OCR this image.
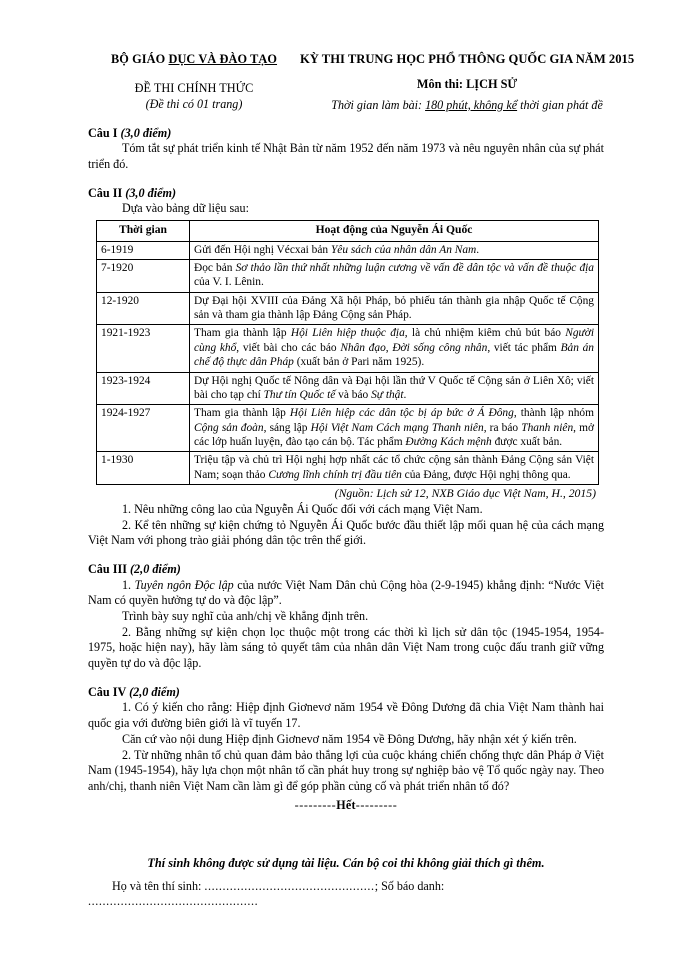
BỘ GIÁO DỤC VÀ ĐÀO TẠO
ĐỀ THI CHÍNH THỨC
(Đề thi có 01 trang)
KỲ THI TRUNG HỌC PHỔ THÔNG QUỐC GIA NĂM 2015
Môn thi: LỊCH SỬ
Thời gian làm bài: 180 phút, không kể thời gian phát đề
Câu I (3,0 điểm)

Tóm tắt sự phát triển kinh tế Nhật Bản từ năm 1952 đến năm 1973 và nêu nguyên nhân của sự phát triển đó.

Câu II (3,0 điểm)

Dựa vào bảng dữ liệu sau:

Thời gian	Hoạt động của Nguyễn Ái Quốc
6-1919	Gửi đến Hội nghị Vécxai bản Yêu sách của nhân dân An Nam.
7-1920	Đọc bản Sơ thảo lần thứ nhất những luận cương về vấn đề dân tộc và vấn đề thuộc địa của V. I. Lênin.
12-1920	Dự Đại hội XVIII của Đảng Xã hội Pháp, bỏ phiếu tán thành gia nhập Quốc tế Cộng sản và tham gia thành lập Đảng Cộng sản Pháp.
1921-1923	Tham gia thành lập Hội Liên hiệp thuộc địa, là chủ nhiệm kiêm chủ bút báo Người cùng khổ, viết bài cho các báo Nhân đạo, Đời sống công nhân, viết tác phẩm Bản án chế độ thực dân Pháp (xuất bản ở Pari năm 1925).
1923-1924	Dự Hội nghị Quốc tế Nông dân và Đại hội lần thứ V Quốc tế Cộng sản ở Liên Xô; viết bài cho tạp chí Thư tín Quốc tế và báo Sự thật.
1924-1927	Tham gia thành lập Hội Liên hiệp các dân tộc bị áp bức ở Á Đông, thành lập nhóm Cộng sản đoàn, sáng lập Hội Việt Nam Cách mạng Thanh niên, ra báo Thanh niên, mở các lớp huấn luyện, đào tạo cán bộ. Tác phẩm Đường Kách mệnh được xuất bản.
1-1930	Triệu tập và chủ trì Hội nghị hợp nhất các tổ chức cộng sản thành Đảng Cộng sản Việt Nam; soạn thảo Cương lĩnh chính trị đầu tiên của Đảng, được Hội nghị thông qua.
(Nguồn: Lịch sử 12, NXB Giáo dục Việt Nam, H., 2015)

1. Nêu những công lao của Nguyễn Ái Quốc đối với cách mạng Việt Nam.

2. Kể tên những sự kiện chứng tỏ Nguyễn Ái Quốc bước đầu thiết lập mối quan hệ của cách mạng Việt Nam với phong trào giải phóng dân tộc trên thế giới.

Câu III (2,0 điểm)

1. Tuyên ngôn Độc lập của nước Việt Nam Dân chủ Cộng hòa (2-9-1945) khẳng định: “Nước Việt Nam có quyền hưởng tự do và độc lập”.

Trình bày suy nghĩ của anh/chị về khẳng định trên.

2. Bằng những sự kiện chọn lọc thuộc một trong các thời kì lịch sử dân tộc (1945-1954, 1954-1975, hoặc hiện nay), hãy làm sáng tỏ quyết tâm của nhân dân Việt Nam trong cuộc đấu tranh giữ vững quyền tự do và độc lập.

Câu IV (2,0 điểm)

1. Có ý kiến cho rằng: Hiệp định Giơnevơ năm 1954 về Đông Dương đã chia Việt Nam thành hai quốc gia với đường biên giới là vĩ tuyến 17.

Căn cứ vào nội dung Hiệp định Giơnevơ năm 1954 về Đông Dương, hãy nhận xét ý kiến trên.

2. Từ những nhân tố chủ quan đảm bảo thắng lợi của cuộc kháng chiến chống thực dân Pháp ở Việt Nam (1945-1954), hãy lựa chọn một nhân tố cần phát huy trong sự nghiệp bảo vệ Tổ quốc ngày nay. Theo anh/chị, thanh niên Việt Nam cần làm gì để góp phần củng cố và phát triển nhân tố đó?

---------Hết---------
Thí sinh không được sử dụng tài liệu. Cán bộ coi thi không giải thích gì thêm.
Họ và tên thí sinh: ...............................................; Số báo danh: ...............................................
